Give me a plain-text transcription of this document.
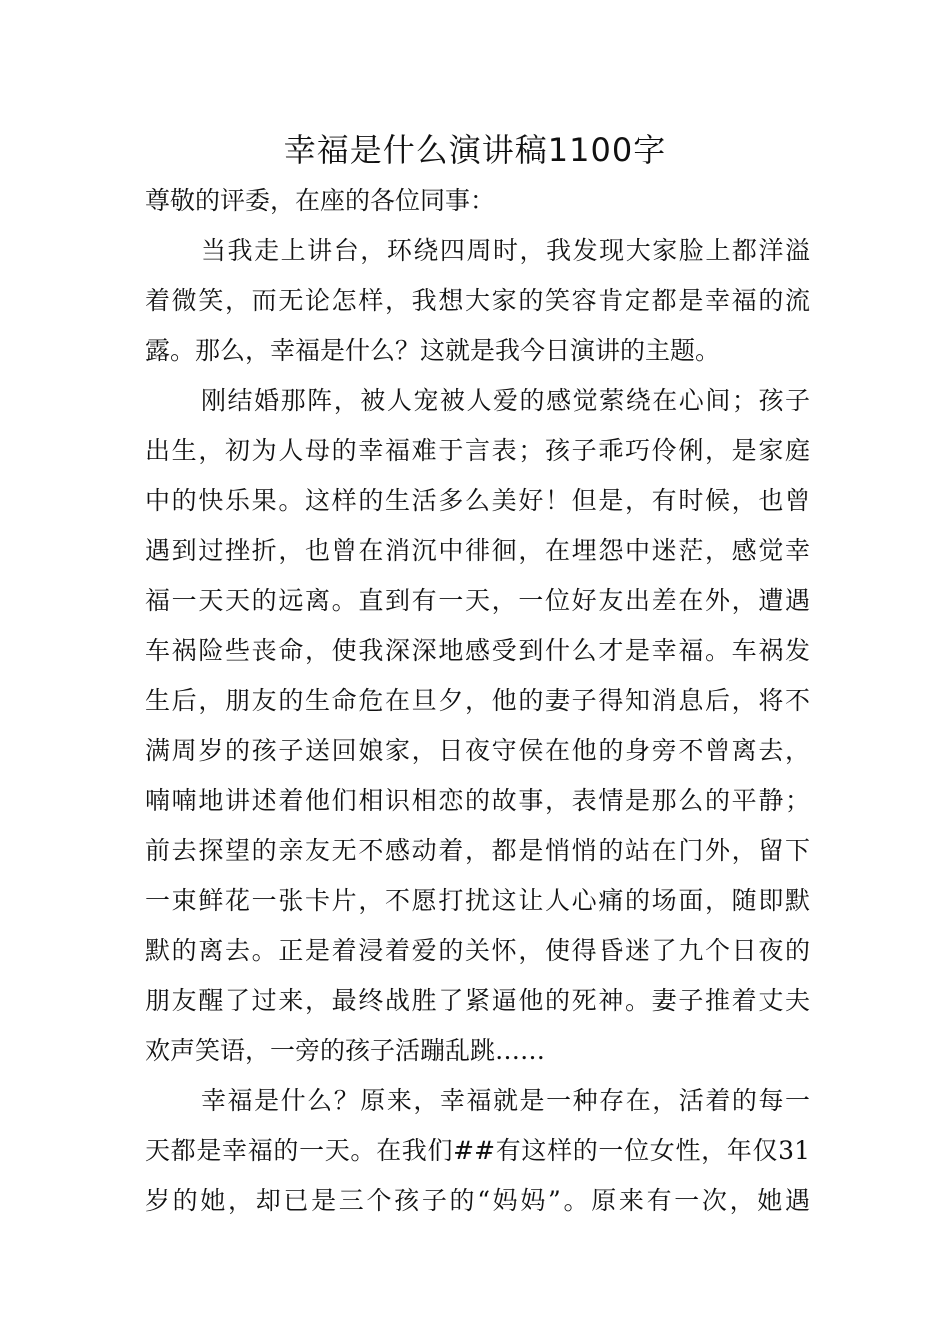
幸福是什么演讲稿1100字
尊敬的评委，在座的各位同事：
当我走上讲台，环绕四周时，我发现大家脸上都洋溢
着微笑，而无论怎样，我想大家的笑容肯定都是幸福的流
露。那么，幸福是什么？这就是我今日演讲的主题。
刚结婚那阵，被人宠被人爱的感觉萦绕在心间；孩子
出生，初为人母的幸福难于言表；孩子乖巧伶俐，是家庭
中的快乐果。这样的生活多么美好！但是，有时候，也曾
遇到过挫折，也曾在消沉中徘徊，在埋怨中迷茫，感觉幸
福一天天的远离。直到有一天，一位好友出差在外，遭遇
车祸险些丧命，使我深深地感受到什么才是幸福。车祸发
生后，朋友的生命危在旦夕，他的妻子得知消息后，将不
满周岁的孩子送回娘家，日夜守侯在他的身旁不曾离去，
喃喃地讲述着他们相识相恋的故事，表情是那么的平静；
前去探望的亲友无不感动着，都是悄悄的站在门外，留下
一束鲜花一张卡片，不愿打扰这让人心痛的场面，随即默
默的离去。正是着浸着爱的关怀，使得昏迷了九个日夜的
朋友醒了过来，最终战胜了紧逼他的死神。妻子推着丈夫
欢声笑语，一旁的孩子活蹦乱跳……
幸福是什么？原来，幸福就是一种存在，活着的每一
天都是幸福的一天。在我们##有这样的一位女性，年仅31
岁的她，却已是三个孩子的“妈妈”。原来有一次，她遇
